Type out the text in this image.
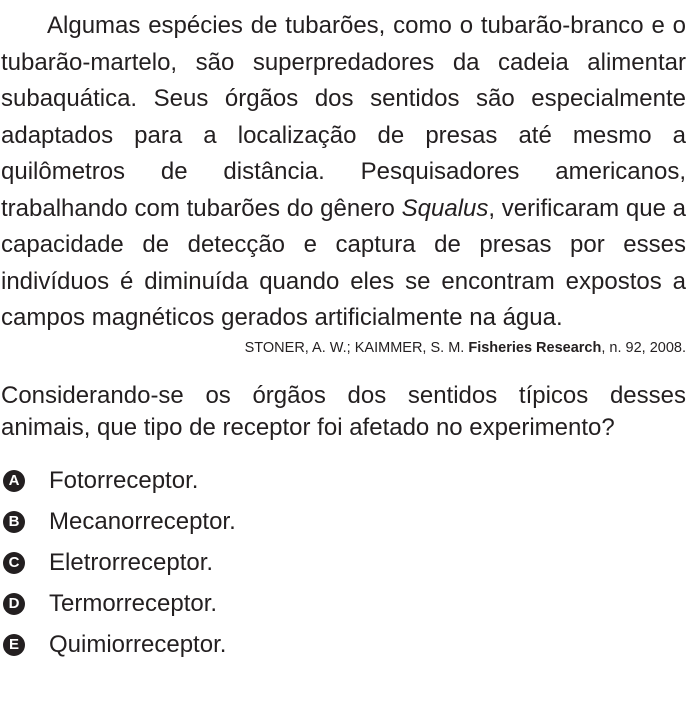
Algumas espécies de tubarões, como o tubarão-branco e o tubarão-martelo, são superpredadores da cadeia alimentar subaquática. Seus órgãos dos sentidos são especialmente adaptados para a localização de presas até mesmo a quilômetros de distância. Pesquisadores americanos, trabalhando com tubarões do gênero Squalus, verificaram que a capacidade de detecção e captura de presas por esses indivíduos é diminuída quando eles se encontram expostos a campos magnéticos gerados artificialmente na água.

STONER, A. W.; KAIMMER, S. M. Fisheries Research, n. 92, 2008.

Considerando-se os órgãos dos sentidos típicos desses animais, que tipo de receptor foi afetado no experimento?

A Fotorreceptor.
B Mecanorreceptor.
C Eletrorreceptor.
D Termorreceptor.
E Quimiorreceptor.
